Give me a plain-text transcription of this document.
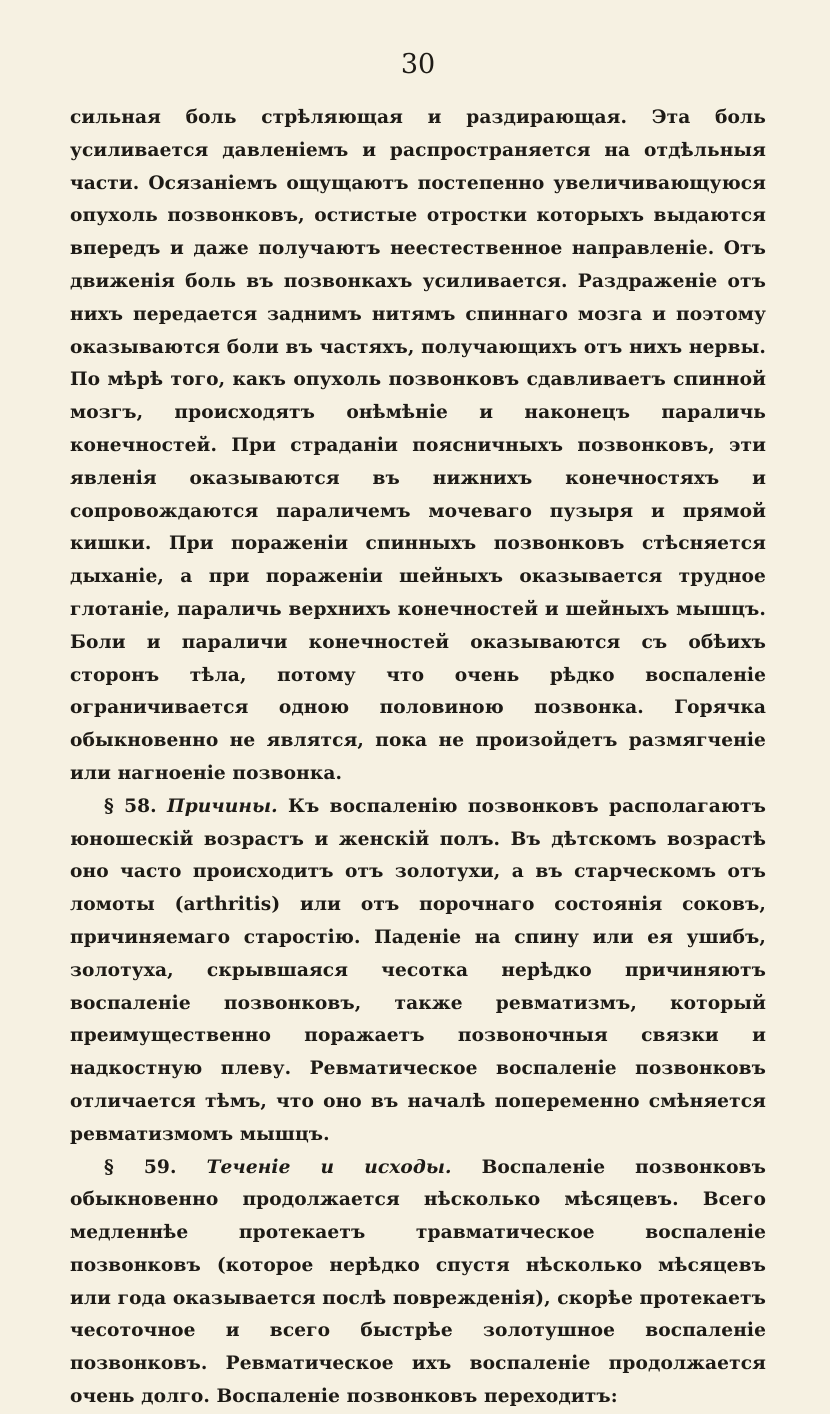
30

сильная боль стрѣляющая и раздирающая. Эта боль усиливается давленіемъ и распространяется на отдѣльныя части. Осязаніемъ ощущаютъ постепенно увеличивающуюся опухоль позвонковъ, остистые отростки которыхъ выдаются впередъ и даже получаютъ неестественное направленіе. Отъ движенія боль въ позвонкахъ усиливается. Раздраженіе отъ нихъ передается заднимъ нитямъ спиннаго мозга и поэтому оказываются боли въ частяхъ, получающихъ отъ нихъ нервы. По мѣрѣ того, какъ опухоль позвонковъ сдавливаетъ спинной мозгъ, происходятъ онѣмѣніе и наконецъ параличь конечностей. При страданіи поясничныхъ позвонковъ, эти явленія оказываются въ нижнихъ конечностяхъ и сопровождаются параличемъ мочеваго пузыря и прямой кишки. При пораженіи спинныхъ позвонковъ стѣсняется дыханіе, а при пораженіи шейныхъ оказывается трудное глотаніе, параличь верхнихъ конечностей и шейныхъ мышцъ. Боли и параличи конечностей оказываются съ обѣихъ сторонъ тѣла, потому что очень рѣдко воспаленіе ограничивается одною половиною позвонка. Горячка обыкновенно не являтся, пока не произойдетъ размягченіе или нагноеніе позвонка.

§ 58. Причины. Къ воспаленію позвонковъ располагаютъ юношескій возрастъ и женскій полъ. Въ дѣтскомъ возрастѣ оно часто происходитъ отъ золотухи, а въ старческомъ отъ ломоты (arthritis) или отъ порочнаго состоянія соковъ, причиняемаго старостію. Паденіе на спину или ея ушибъ, золотуха, скрывшаяся чесотка нерѣдко причиняютъ воспаленіе позвонковъ, также ревматизмъ, который преимущественно поражаетъ позвоночныя связки и надкостную плеву. Ревматическое воспаленіе позвонковъ отличается тѣмъ, что оно въ началѣ попеременно смѣняется ревматизмомъ мышцъ.

§ 59. Теченіе и исходы. Воспаленіе позвонковъ обыкновенно продолжается нѣсколько мѣсяцевъ. Всего медленнѣе протекаетъ травматическое воспаленіе позвонковъ (которое нерѣдко спустя нѣсколько мѣсяцевъ или года оказывается послѣ поврежденія), скорѣе протекаетъ чесоточное и всего быстрѣе золотушное воспаленіе позвонковъ. Ревматическое ихъ воспаленіе продолжается очень долго. Воспаленіе позвонковъ переходитъ:
